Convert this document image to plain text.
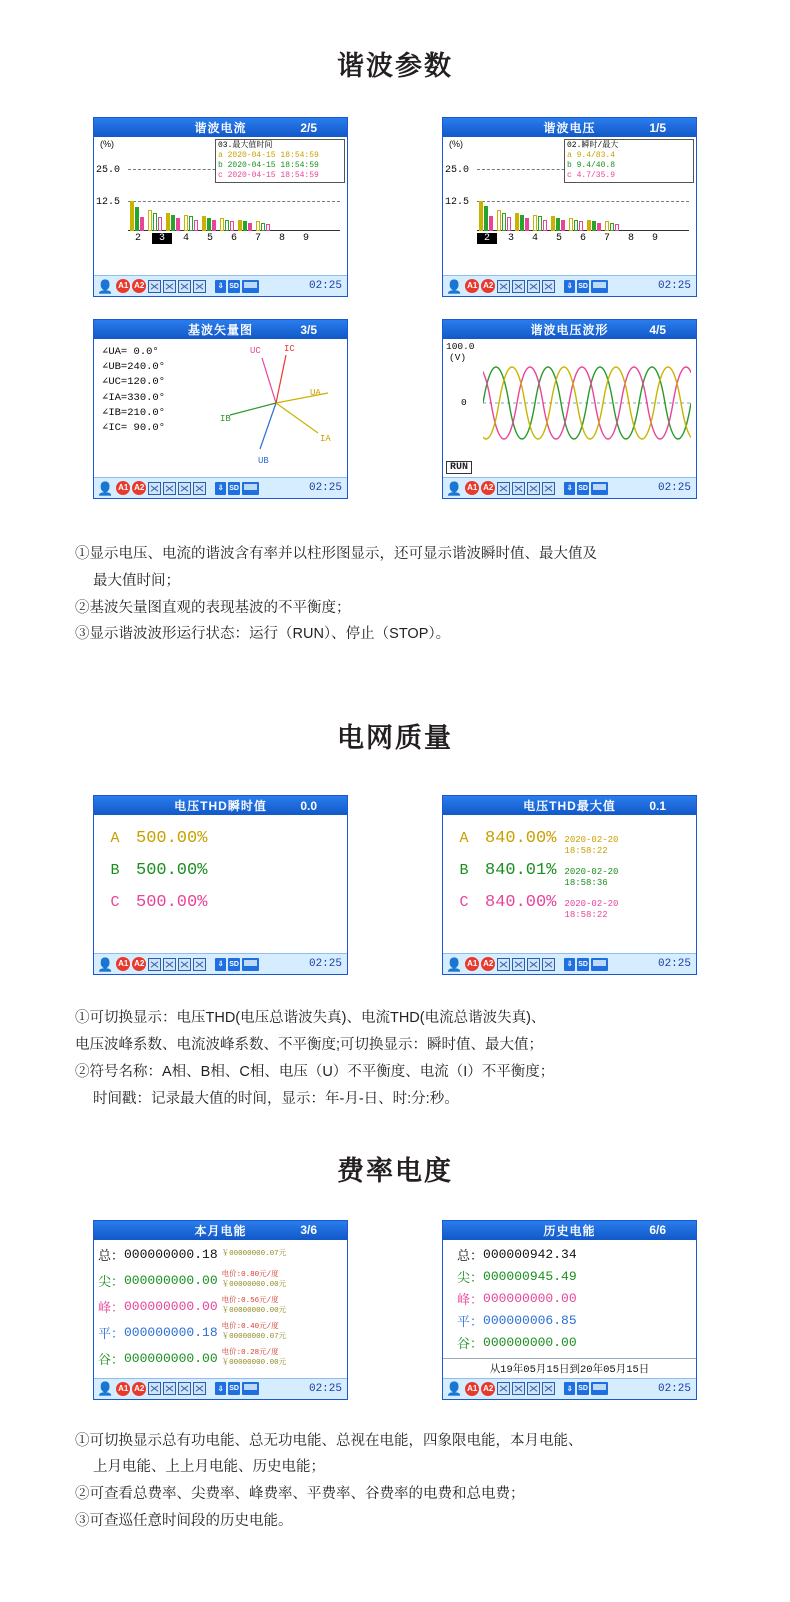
谐波参数
谐波电流	2/5
(%)
25.0
12.5
2	3	4	5	6	7	8	9
03.最大值时间
a 2020-04-15 18:54:59
b 2020-04-15 18:54:59
c 2020-04-15 18:54:59
👤 A1 A2	⇩ SD	02:25
谐波电压	1/5
(%)
25.0
12.5
2	3	4	5	6	7	8	9
02.瞬时/最大
a 9.4/83.4
b 9.4/40.8
c 4.7/35.9
👤 A1 A2	⇩ SD	02:25
基波矢量图	3/5
∠UA= 0.0°
∠UB=240.0°
∠UC=120.0°
∠IA=330.0°
∠IB=210.0°
∠IC= 90.0°
UA
UB
UC
IA
IB
IC
👤 A1 A2	⇩ SD	02:25
谐波电压波形	4/5
100.0
(V)
0
RUN
👤 A1 A2	⇩ SD	02:25

①显示电压、电流的谐波含有率并以柱形图显示，还可显示谐波瞬时值、最大值及

最大值时间；

②基波矢量图直观的表现基波的不平衡度；

③显示谐波波形运行状态：运行（RUN）、停止（STOP）。

电网质量
电压THD瞬时值	0.0
A 500.00%
B 500.00%
C 500.00%
👤 A1 A2	⇩ SD	02:25
电压THD最大值	0.1
A 840.00% 2020-02-20
18:58:22
B 840.01% 2020-02-20
18:58:36
C 840.00% 2020-02-20
18:58:22
👤 A1 A2	⇩ SD	02:25

①可切换显示：电压THD(电压总谐波失真)、电流THD(电流总谐波失真)、

电压波峰系数、电流波峰系数、不平衡度;可切换显示：瞬时值、最大值；

②符号名称：A相、B相、C相、电压（U）不平衡度、电流（I）不平衡度；

时间戳：记录最大值的时间，显示：年-月-日、时:分:秒。

费率电度
本月电能	3/6
总： 000000000.18 ￥00000000.07元
尖： 000000000.00 电价:0.80元/度
￥00000000.00元
峰： 000000000.00 电价:0.56元/度
￥00000000.00元
平： 000000000.18 电价:0.40元/度
￥00000000.07元
谷： 000000000.00 电价:0.28元/度
￥00000000.00元
👤 A1 A2	⇩ SD	02:25
历史电能	6/6
总： 000000942.34
尖： 000000945.49
峰： 000000000.00
平： 000000006.85
谷： 000000000.00
从19年05月15日到20年05月15日
👤 A1 A2	⇩ SD	02:25

①可切换显示总有功电能、总无功电能、总视在电能，四象限电能，本月电能、

上月电能、上上月电能、历史电能；

②可查看总费率、尖费率、峰费率、平费率、谷费率的电费和总电费；

③可查巡任意时间段的历史电能。
